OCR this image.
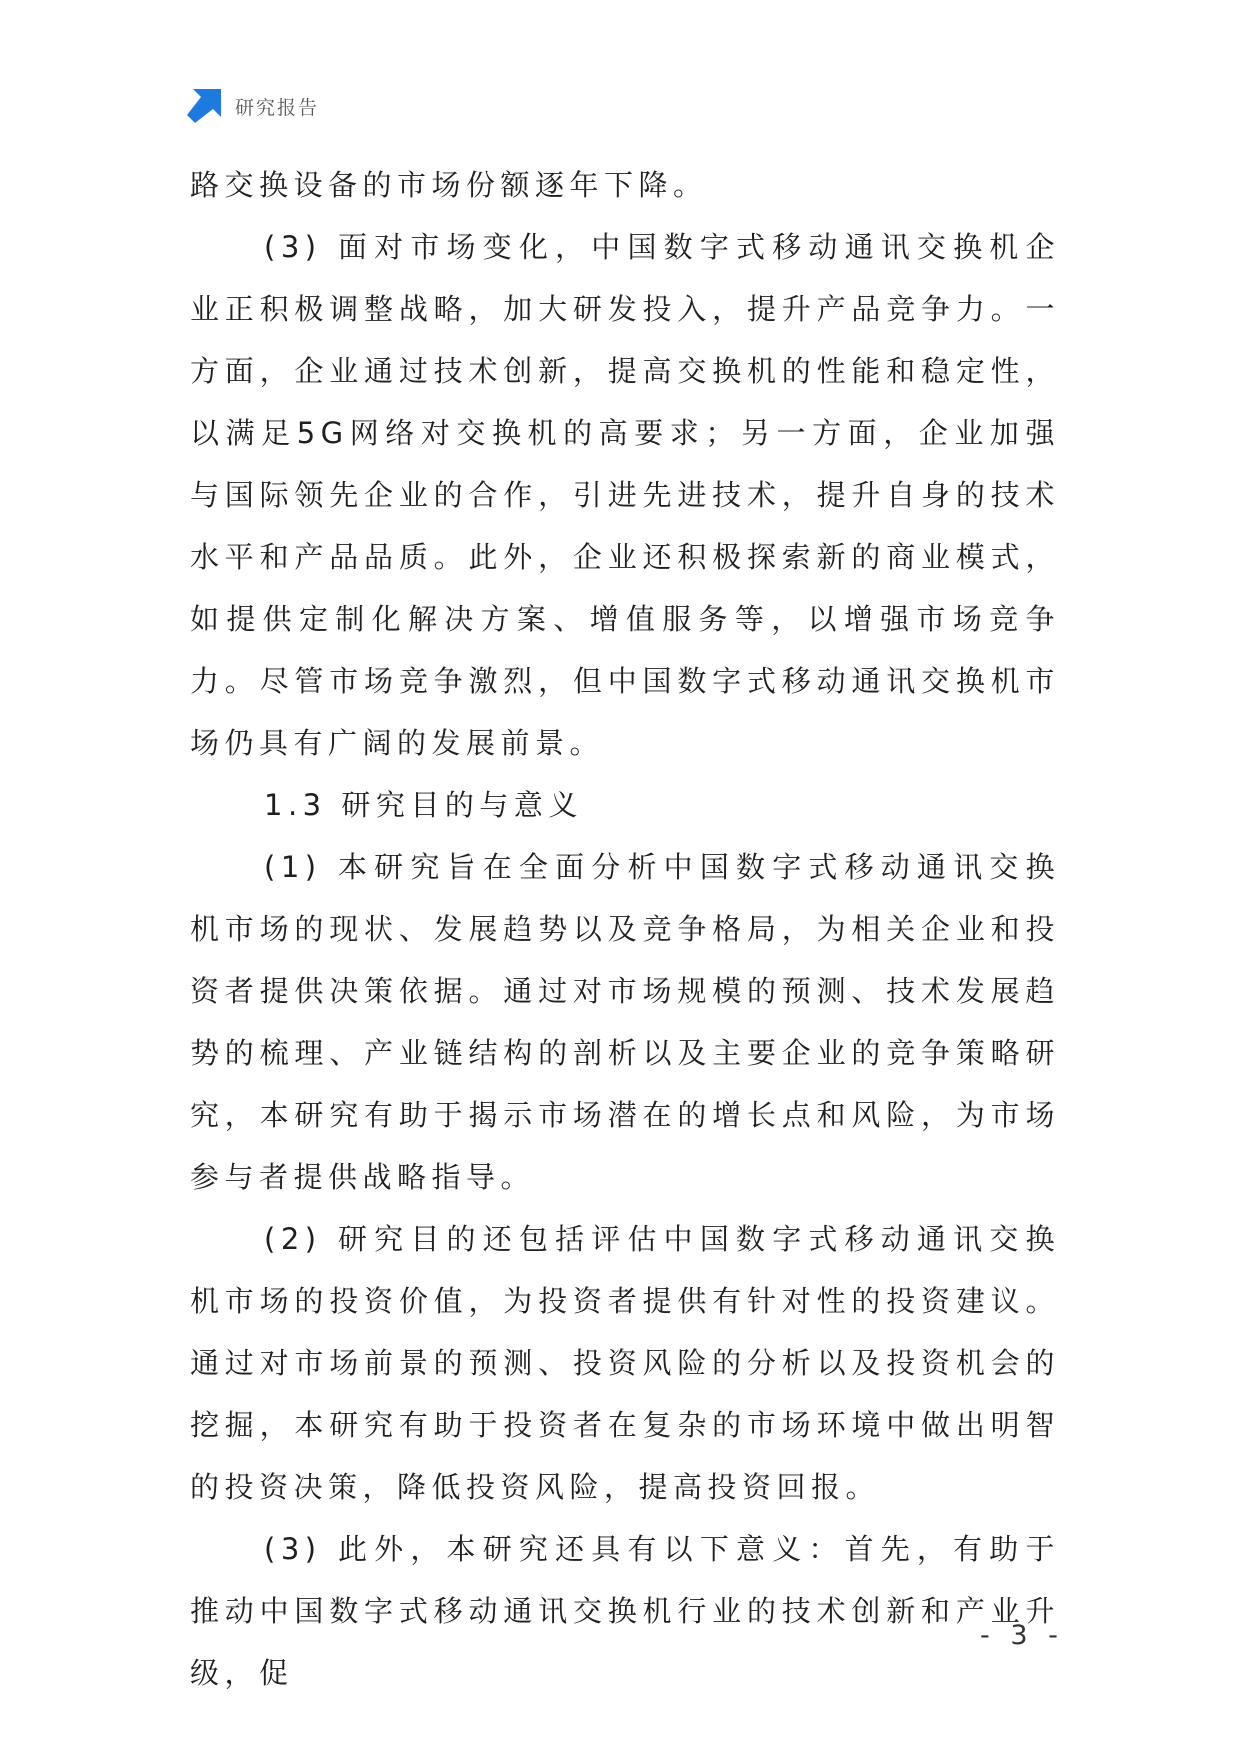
研究报告

路交换设备的市场份额逐年下降。

(3) 面对市场变化，中国数字式移动通讯交换机企业正积极调整战略，加大研发投入，提升产品竞争力。一方面，企业通过技术创新，提高交换机的性能和稳定性，以满足5G网络对交换机的高要求；另一方面，企业加强与国际领先企业的合作，引进先进技术，提升自身的技术水平和产品品质。此外，企业还积极探索新的商业模式，如提供定制化解决方案、增值服务等，以增强市场竞争力。尽管市场竞争激烈，但中国数字式移动通讯交换机市场仍具有广阔的发展前景。

1.3 研究目的与意义

(1) 本研究旨在全面分析中国数字式移动通讯交换机市场的现状、发展趋势以及竞争格局，为相关企业和投资者提供决策依据。通过对市场规模的预测、技术发展趋势的梳理、产业链结构的剖析以及主要企业的竞争策略研究，本研究有助于揭示市场潜在的增长点和风险，为市场参与者提供战略指导。

(2) 研究目的还包括评估中国数字式移动通讯交换机市场的投资价值，为投资者提供有针对性的投资建议。通过对市场前景的预测、投资风险的分析以及投资机会的挖掘，本研究有助于投资者在复杂的市场环境中做出明智的投资决策，降低投资风险，提高投资回报。

(3) 此外，本研究还具有以下意义：首先，有助于推动中国数字式移动通讯交换机行业的技术创新和产业升级，促

- 3 -
